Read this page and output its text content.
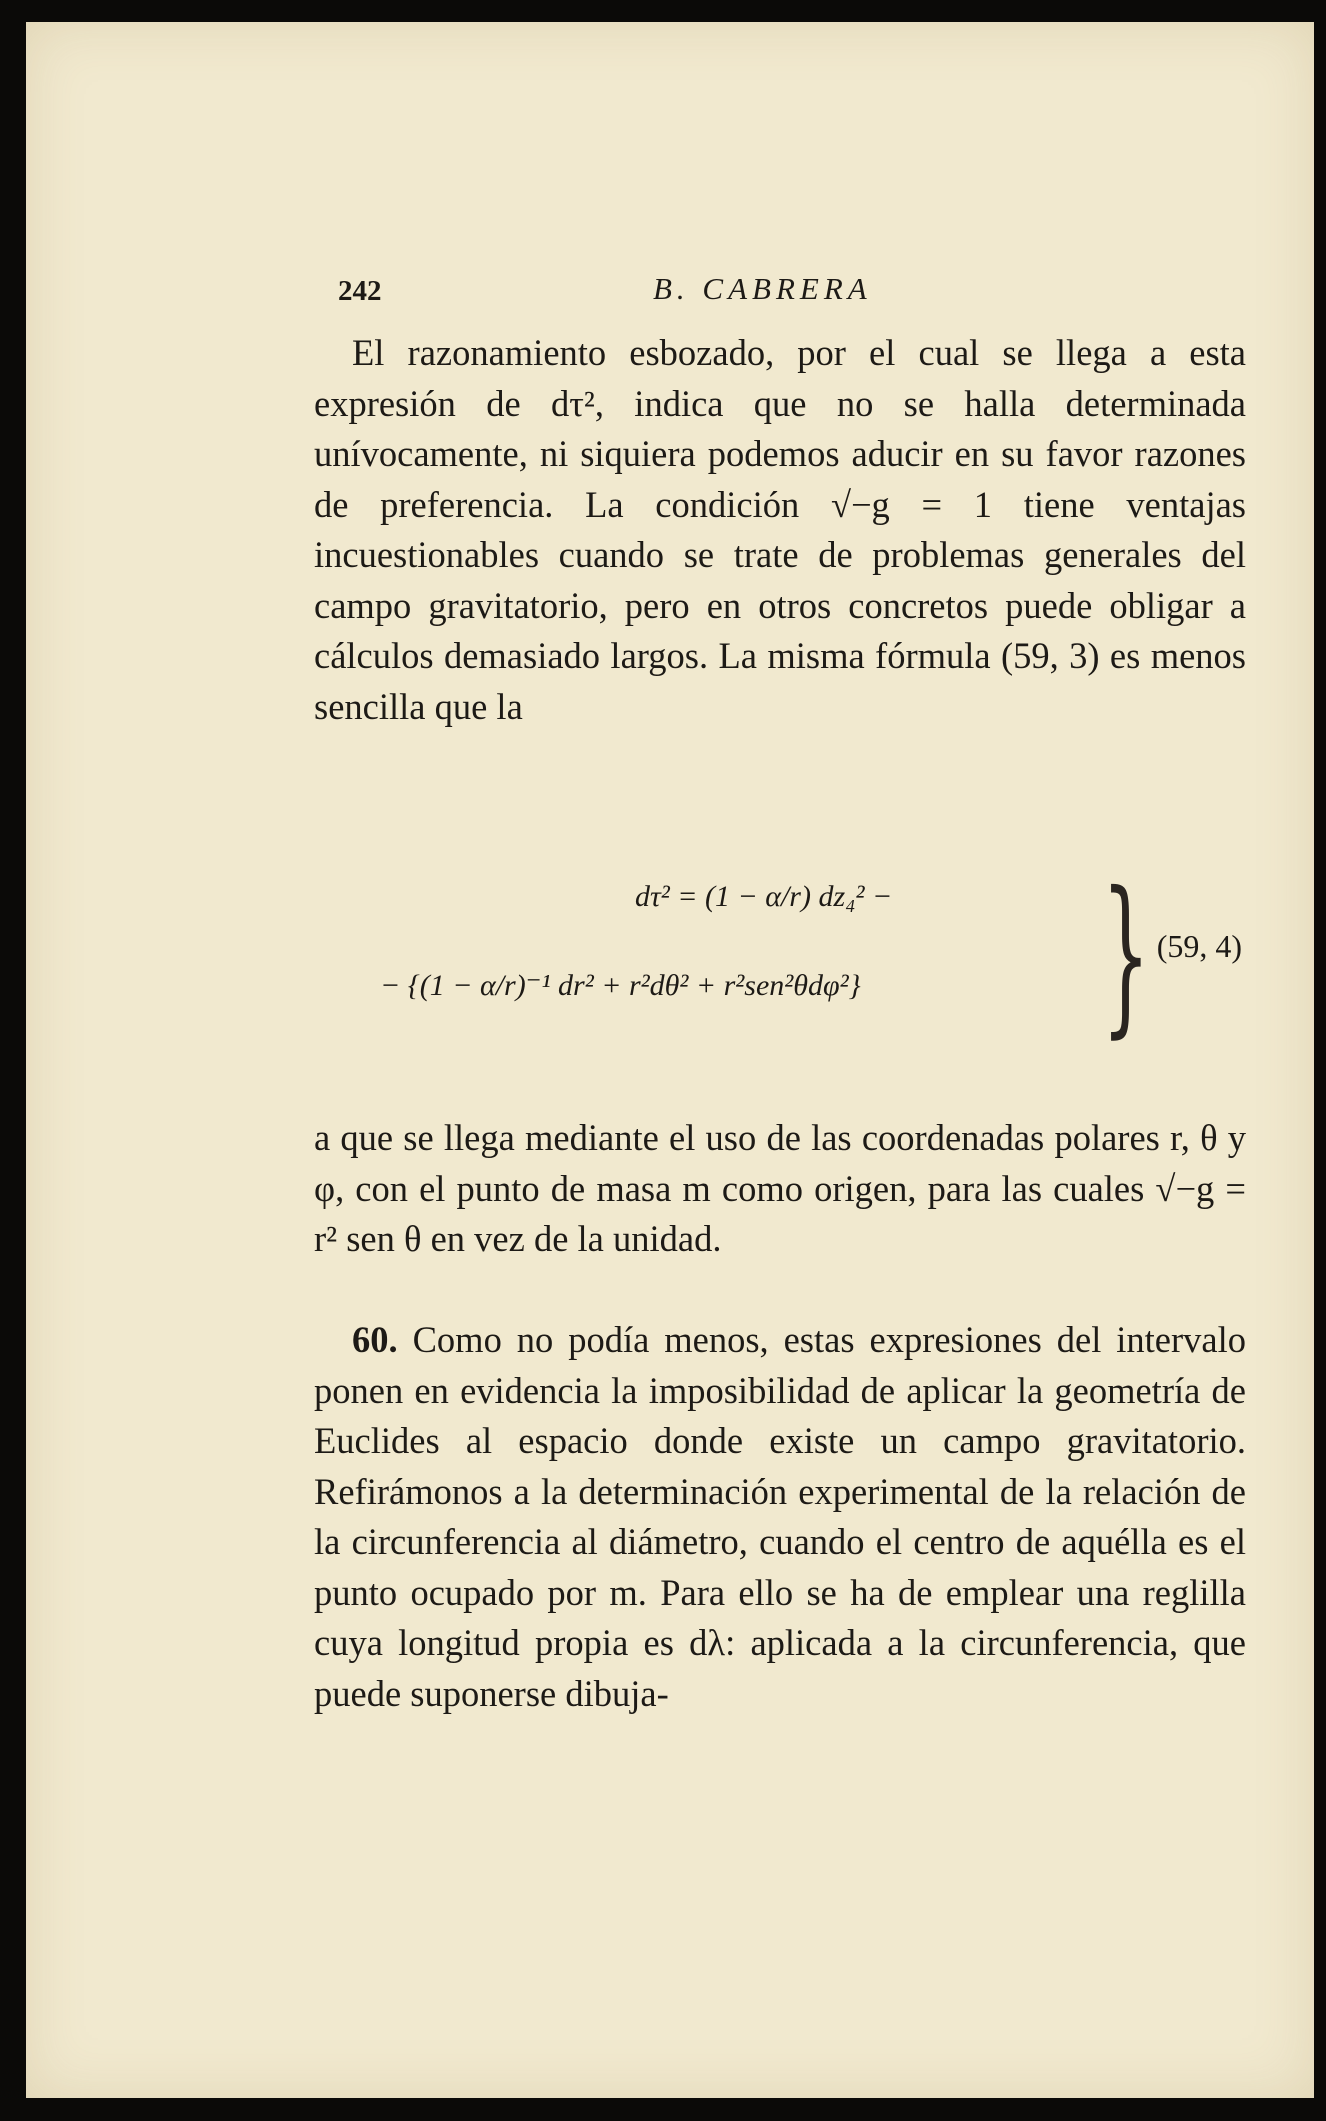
242	B. CABRERA

El razonamiento esbozado, por el cual se llega a esta expresión de dτ², indica que no se halla determinada unívocamente, ni siquiera podemos aducir en su favor razones de preferencia. La condición √−g = 1 tiene ventajas incuestionables cuando se trate de problemas generales del campo gravitatorio, pero en otros concretos puede obligar a cálculos demasiado largos. La misma fórmula (59, 3) es menos sencilla que la

dτ² = (1 − α/r) dz₄² −
− {(1 − α/r)⁻¹ dr² + r²dθ² + r²sen²θdφ²} } (59, 4)

a que se llega mediante el uso de las coordenadas polares r, θ y φ, con el punto de masa m como origen, para las cuales √−g = r² sen θ en vez de la unidad.

60. Como no podía menos, estas expresiones del intervalo ponen en evidencia la imposibilidad de aplicar la geometría de Euclides al espacio donde existe un campo gravitatorio. Refirámonos a la determinación experimental de la relación de la circunferencia al diámetro, cuando el centro de aquélla es el punto ocupado por m. Para ello se ha de emplear una reglilla cuya longitud propia es dλ: aplicada a la circunferencia, que puede suponerse dibuja-
